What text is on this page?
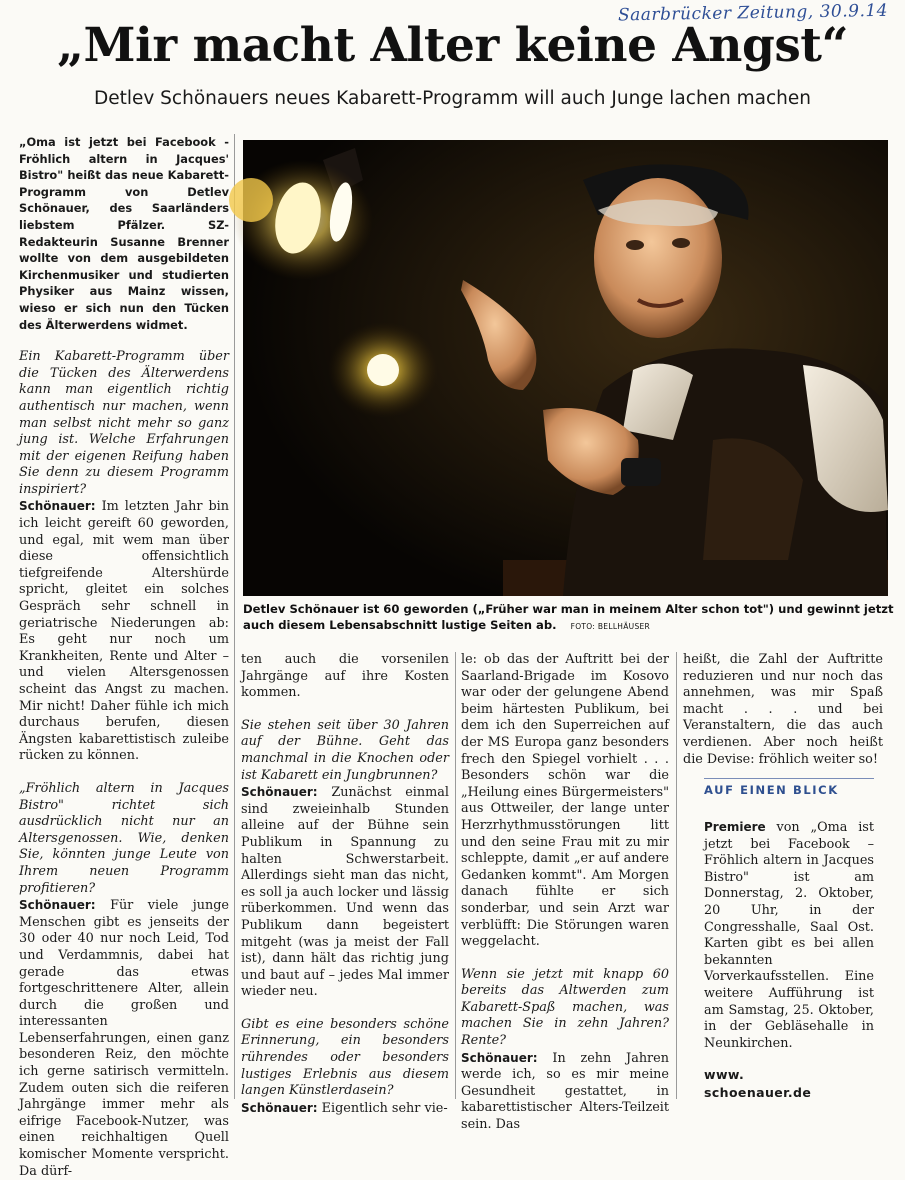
Saarbrücker Zeitung, 30.9.14
„Mir macht Alter keine Angst“
Detlev Schönauers neues Kabarett-Programm will auch Junge lachen machen

„Oma ist jetzt bei Facebook - Fröhlich altern in Jacques' Bistro" heißt das neue Kabarett-Programm von Detlev Schönauer, des Saarländers liebstem Pfälzer. SZ-Redakteurin Susanne Brenner wollte von dem ausgebildeten Kirchenmusiker und studierten Physiker aus Mainz wissen, wieso er sich nun den Tücken des Älterwerdens widmet.

Ein Kabarett-Programm über die Tücken des Älterwerdens kann man eigentlich richtig authentisch nur machen, wenn man selbst nicht mehr so ganz jung ist. Welche Erfahrungen mit der eigenen Reifung haben Sie denn zu diesem Programm inspiriert?

Schönauer: Im letzten Jahr bin ich leicht gereift 60 geworden, und egal, mit wem man über diese offensichtlich tiefgreifende Altershürde spricht, gleitet ein solches Gespräch sehr schnell in geriatrische Niederungen ab: Es geht nur noch um Krankheiten, Rente und Alter – und vielen Altersgenossen scheint das Angst zu machen. Mir nicht! Daher fühle ich mich durchaus berufen, diesen Ängsten kabarettistisch zuleibe rücken zu können.

„Fröhlich altern in Jacques Bistro" richtet sich ausdrücklich nicht nur an Altersgenossen. Wie, denken Sie, könnten junge Leute von Ihrem neuen Programm profitieren?

Schönauer: Für viele junge Menschen gibt es jenseits der 30 oder 40 nur noch Leid, Tod und Verdammnis, dabei hat gerade das etwas fortgeschrittenere Alter, allein durch die großen und interessanten Lebenserfahrungen, einen ganz besonderen Reiz, den möchte ich gerne satirisch vermitteln. Zudem outen sich die reiferen Jahrgänge immer mehr als eifrige Facebook-Nutzer, was einen reichhaltigen Quell komischer Momente verspricht. Da dürf-

Detlev Schönauer ist 60 geworden („Früher war man in meinem Alter schon tot") und gewinnt jetzt auch diesem Lebensabschnitt lustige Seiten ab. FOTO: BELLHÄUSER

ten auch die vorsenilen Jahrgänge auf ihre Kosten kommen.

Sie stehen seit über 30 Jahren auf der Bühne. Geht das manchmal in die Knochen oder ist Kabarett ein Jungbrunnen?

Schönauer: Zunächst einmal sind zweieinhalb Stunden alleine auf der Bühne sein Publikum in Spannung zu halten Schwerstarbeit. Allerdings sieht man das nicht, es soll ja auch locker und lässig rüberkommen. Und wenn das Publikum dann begeistert mitgeht (was ja meist der Fall ist), dann hält das richtig jung und baut auf – jedes Mal immer wieder neu.

Gibt es eine besonders schöne Erinnerung, ein besonders rührendes oder besonders lustiges Erlebnis aus diesem langen Künstlerdasein?

Schönauer: Eigentlich sehr vie-

le: ob das der Auftritt bei der Saarland-Brigade im Kosovo war oder der gelungene Abend beim härtesten Publikum, bei dem ich den Superreichen auf der MS Europa ganz besonders frech den Spiegel vorhielt . . . Besonders schön war die „Heilung eines Bürgermeisters" aus Ottweiler, der lange unter Herzrhythmusstörungen litt und den seine Frau mit zu mir schleppte, damit „er auf andere Gedanken kommt". Am Morgen danach fühlte er sich sonderbar, und sein Arzt war verblüfft: Die Störungen waren weggelacht.

Wenn sie jetzt mit knapp 60 bereits das Altwerden zum Kabarett-Spaß machen, was machen Sie in zehn Jahren? Rente?

Schönauer: In zehn Jahren werde ich, so es mir meine Gesundheit gestattet, in kabarettistischer Alters-Teilzeit sein. Das

heißt, die Zahl der Auftritte reduzieren und nur noch das annehmen, was mir Spaß macht . . . und bei Veranstaltern, die das auch verdienen. Aber noch heißt die Devise: fröhlich weiter so!

AUF EINEN BLICK

Premiere von „Oma ist jetzt bei Facebook – Fröhlich altern in Jacques Bistro" ist am Donnerstag, 2. Oktober, 20 Uhr, in der Congresshalle, Saal Ost. Karten gibt es bei allen bekannten Vorverkaufsstellen. Eine weitere Aufführung ist am Samstag, 25. Oktober, in der Gebläsehalle in Neunkirchen.

www.
schoenauer.de
